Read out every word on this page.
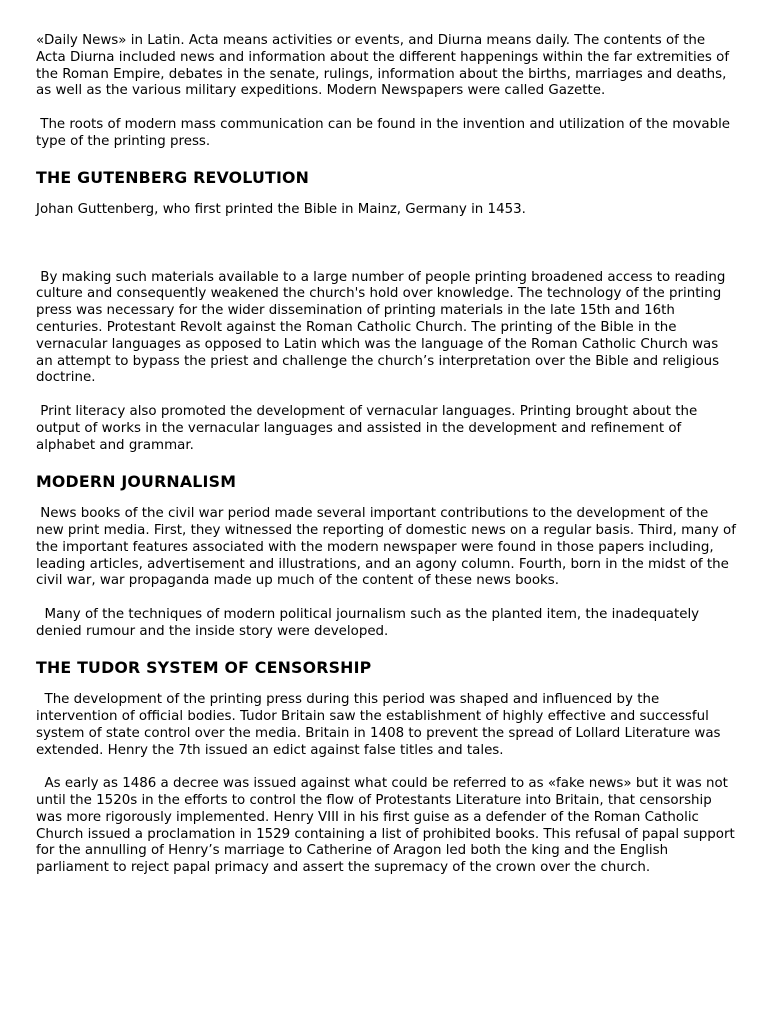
«Daily News» in Latin. Acta means activities or events, and Diurna means daily. The contents of the Acta Diurna included news and information about the different happenings within the far extremities of the Roman Empire, debates in the senate, rulings, information about the births, marriages and deaths, as well as the various military expeditions. Modern Newspapers were called Gazette.

The roots of modern mass communication can be found in the invention and utilization of the movable type of the printing press.

THE GUTENBERG REVOLUTION

Johan Guttenberg, who first printed the Bible in Mainz, Germany in 1453.

By making such materials available to a large number of people printing broadened access to reading culture and consequently weakened the church's hold over knowledge. The technology of the printing press was necessary for the wider dissemination of printing materials in the late 15th and 16th centuries. Protestant Revolt against the Roman Catholic Church. The printing of the Bible in the vernacular languages as opposed to Latin which was the language of the Roman Catholic Church was an attempt to bypass the priest and challenge the church’s interpretation over the Bible and religious doctrine.

Print literacy also promoted the development of vernacular languages. Printing brought about the output of works in the vernacular languages and assisted in the development and refinement of alphabet and grammar.

MODERN JOURNALISM

News books of the civil war period made several important contributions to the development of the new print media. First, they witnessed the reporting of domestic news on a regular basis. Third, many of the important features associated with the modern newspaper were found in those papers including, leading articles, advertisement and illustrations, and an agony column. Fourth, born in the midst of the civil war, war propaganda made up much of the content of these news books.

Many of the techniques of modern political journalism such as the planted item, the inadequately denied rumour and the inside story were developed.

THE TUDOR SYSTEM OF CENSORSHIP

The development of the printing press during this period was shaped and influenced by the intervention of official bodies. Tudor Britain saw the establishment of highly effective and successful system of state control over the media. Britain in 1408 to prevent the spread of Lollard Literature was extended. Henry the 7th issued an edict against false titles and tales.

As early as 1486 a decree was issued against what could be referred to as «fake news» but it was not until the 1520s in the efforts to control the flow of Protestants Literature into Britain, that censorship was more rigorously implemented. Henry VIII in his first guise as a defender of the Roman Catholic Church issued a proclamation in 1529 containing a list of prohibited books. This refusal of papal support for the annulling of Henry’s marriage to Catherine of Aragon led both the king and the English parliament to reject papal primacy and assert the supremacy of the crown over the church.
